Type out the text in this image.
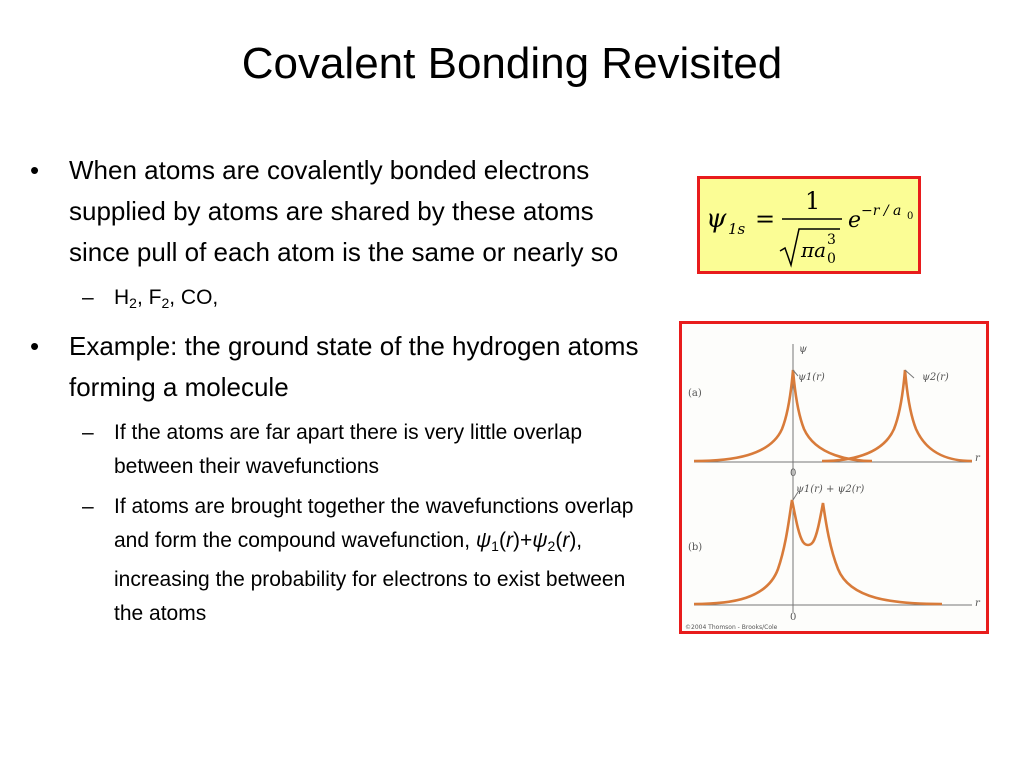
Covalent Bonding Revisited
• When atoms are covalently bonded electrons supplied by atoms are shared by these atoms since pull of each atom is the same or nearly so
– $H_2$, $F_2$, CO,
• Example: the ground state of the hydrogen atoms forming a molecule
– If the atoms are far apart there is very little overlap between their wavefunctions
– If atoms are brought together the wavefunctions overlap and form the compound wavefunction, $\psi_1(r)+\psi_2(r)$, increasing the probability for electrons to exist between the atoms
ψ 1s =
1
πa 3
0
e −r / a 0
ψ
(a)
0
r
ψ1(r)	ψ2(r)
(b)
0
r
ψ1(r) + ψ2(r)
©2004 Thomson - Brooks/Cole
